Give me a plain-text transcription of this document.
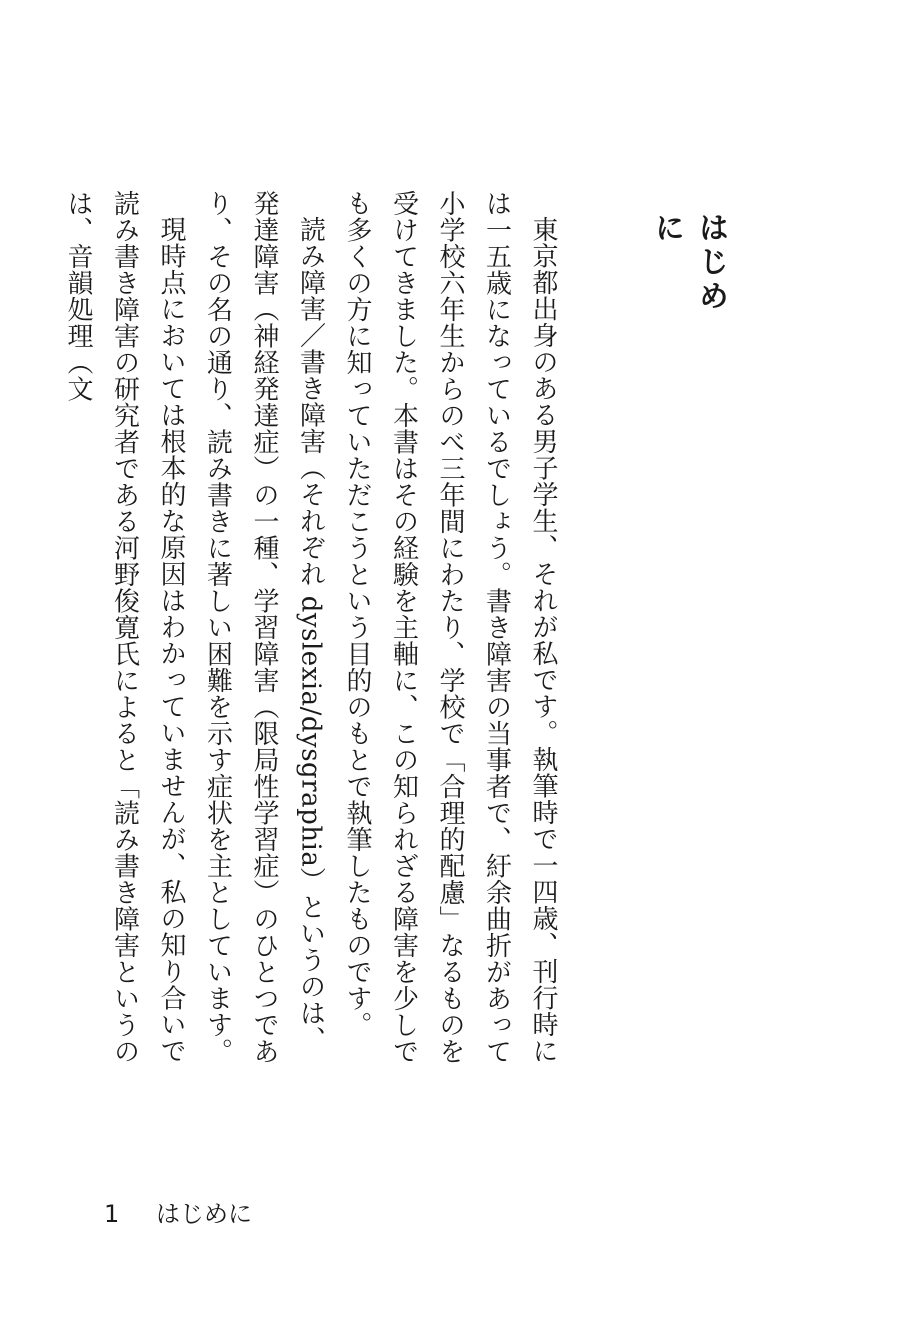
はじめに

東京都出身のある男子学生、それが私です。執筆時で一四歳、刊行時には一五歳になっているでしょう。書き障害の当事者で、紆余曲折があって小学校六年生からのべ三年間にわたり、学校で「合理的配慮」なるものを受けてきました。本書はその経験を主軸に、この知られざる障害を少しでも多くの方に知っていただこうという目的のもとで執筆したものです。

読み障害／書き障害（それぞれ dyslexia/dysgraphia）というのは、発達障害（神経発達症）の一種、学習障害（限局性学習症）のひとつであり、その名の通り、読み書きに著しい困難を示す症状を主としています。

現時点においては根本的な原因はわかっていませんが、私の知り合いで読み書き障害の研究者である河野俊寛氏によると「読み書き障害というのは、音韻処理（文

1 はじめに
